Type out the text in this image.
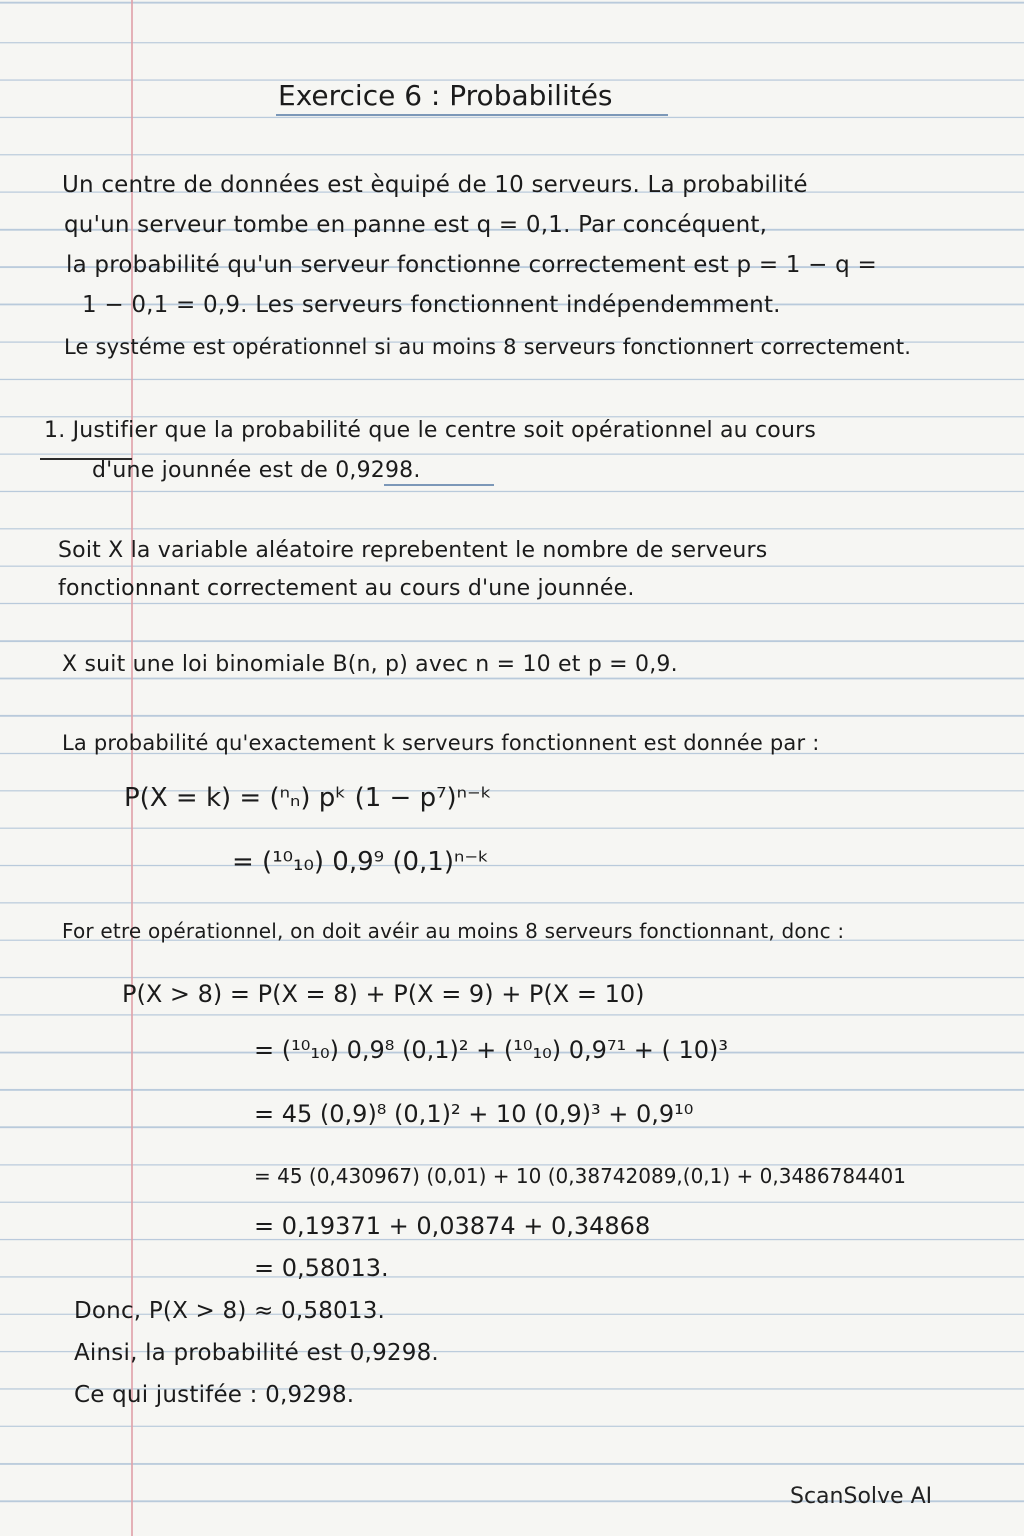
Exercice 6 : Probabilités
Un centre de données est èquipé de 10 serveurs. La probabilité
qu'un serveur tombe en panne est q = 0,1. Par concéquent,
la probabilité qu'un serveur fonctionne correctement est p = 1 − q =
1 − 0,1 = 0,9. Les serveurs fonctionnent indépendemment.
Le systéme est opérationnel si au moins 8 serveurs fonctionnert correctement.
1. Justifier que la probabilité que le centre soit opérationnel au cours
d'une jounnée est de 0,9298.
Soit X la variable aléatoire reprebentent le nombre de serveurs
fonctionnant correctement au cours d'une jounnée.
X suit une loi binomiale B(n, p) avec n = 10 et p = 0,9.
La probabilité qu'exactement k serveurs fonctionnent est donnée par :
P(X = k) = (ⁿₙ) pᵏ (1 − p⁷)ⁿ⁻ᵏ
= (¹⁰₁₀) 0,9⁹ (0,1)ⁿ⁻ᵏ
For etre opérationnel, on doit avéir au moins 8 serveurs fonctionnant, donc :
P(X > 8) = P(X = 8) + P(X = 9) + P(X = 10)
= (¹⁰₁₀) 0,9⁸ (0,1)² + (¹⁰₁₀) 0,9⁷¹ + ( 10)³
= 45 (0,9)⁸ (0,1)² + 10 (0,9)³ + 0,9¹⁰
= 45 (0,430967) (0,01) + 10 (0,38742089,(0,1) + 0,3486784401
= 0,19371 + 0,03874 + 0,34868
= 0,58013.
Donc, P(X > 8) ≈ 0,58013.
Ainsi, la probabilité est 0,9298.
Ce qui justifée : 0,9298.
ScanSolve AI
